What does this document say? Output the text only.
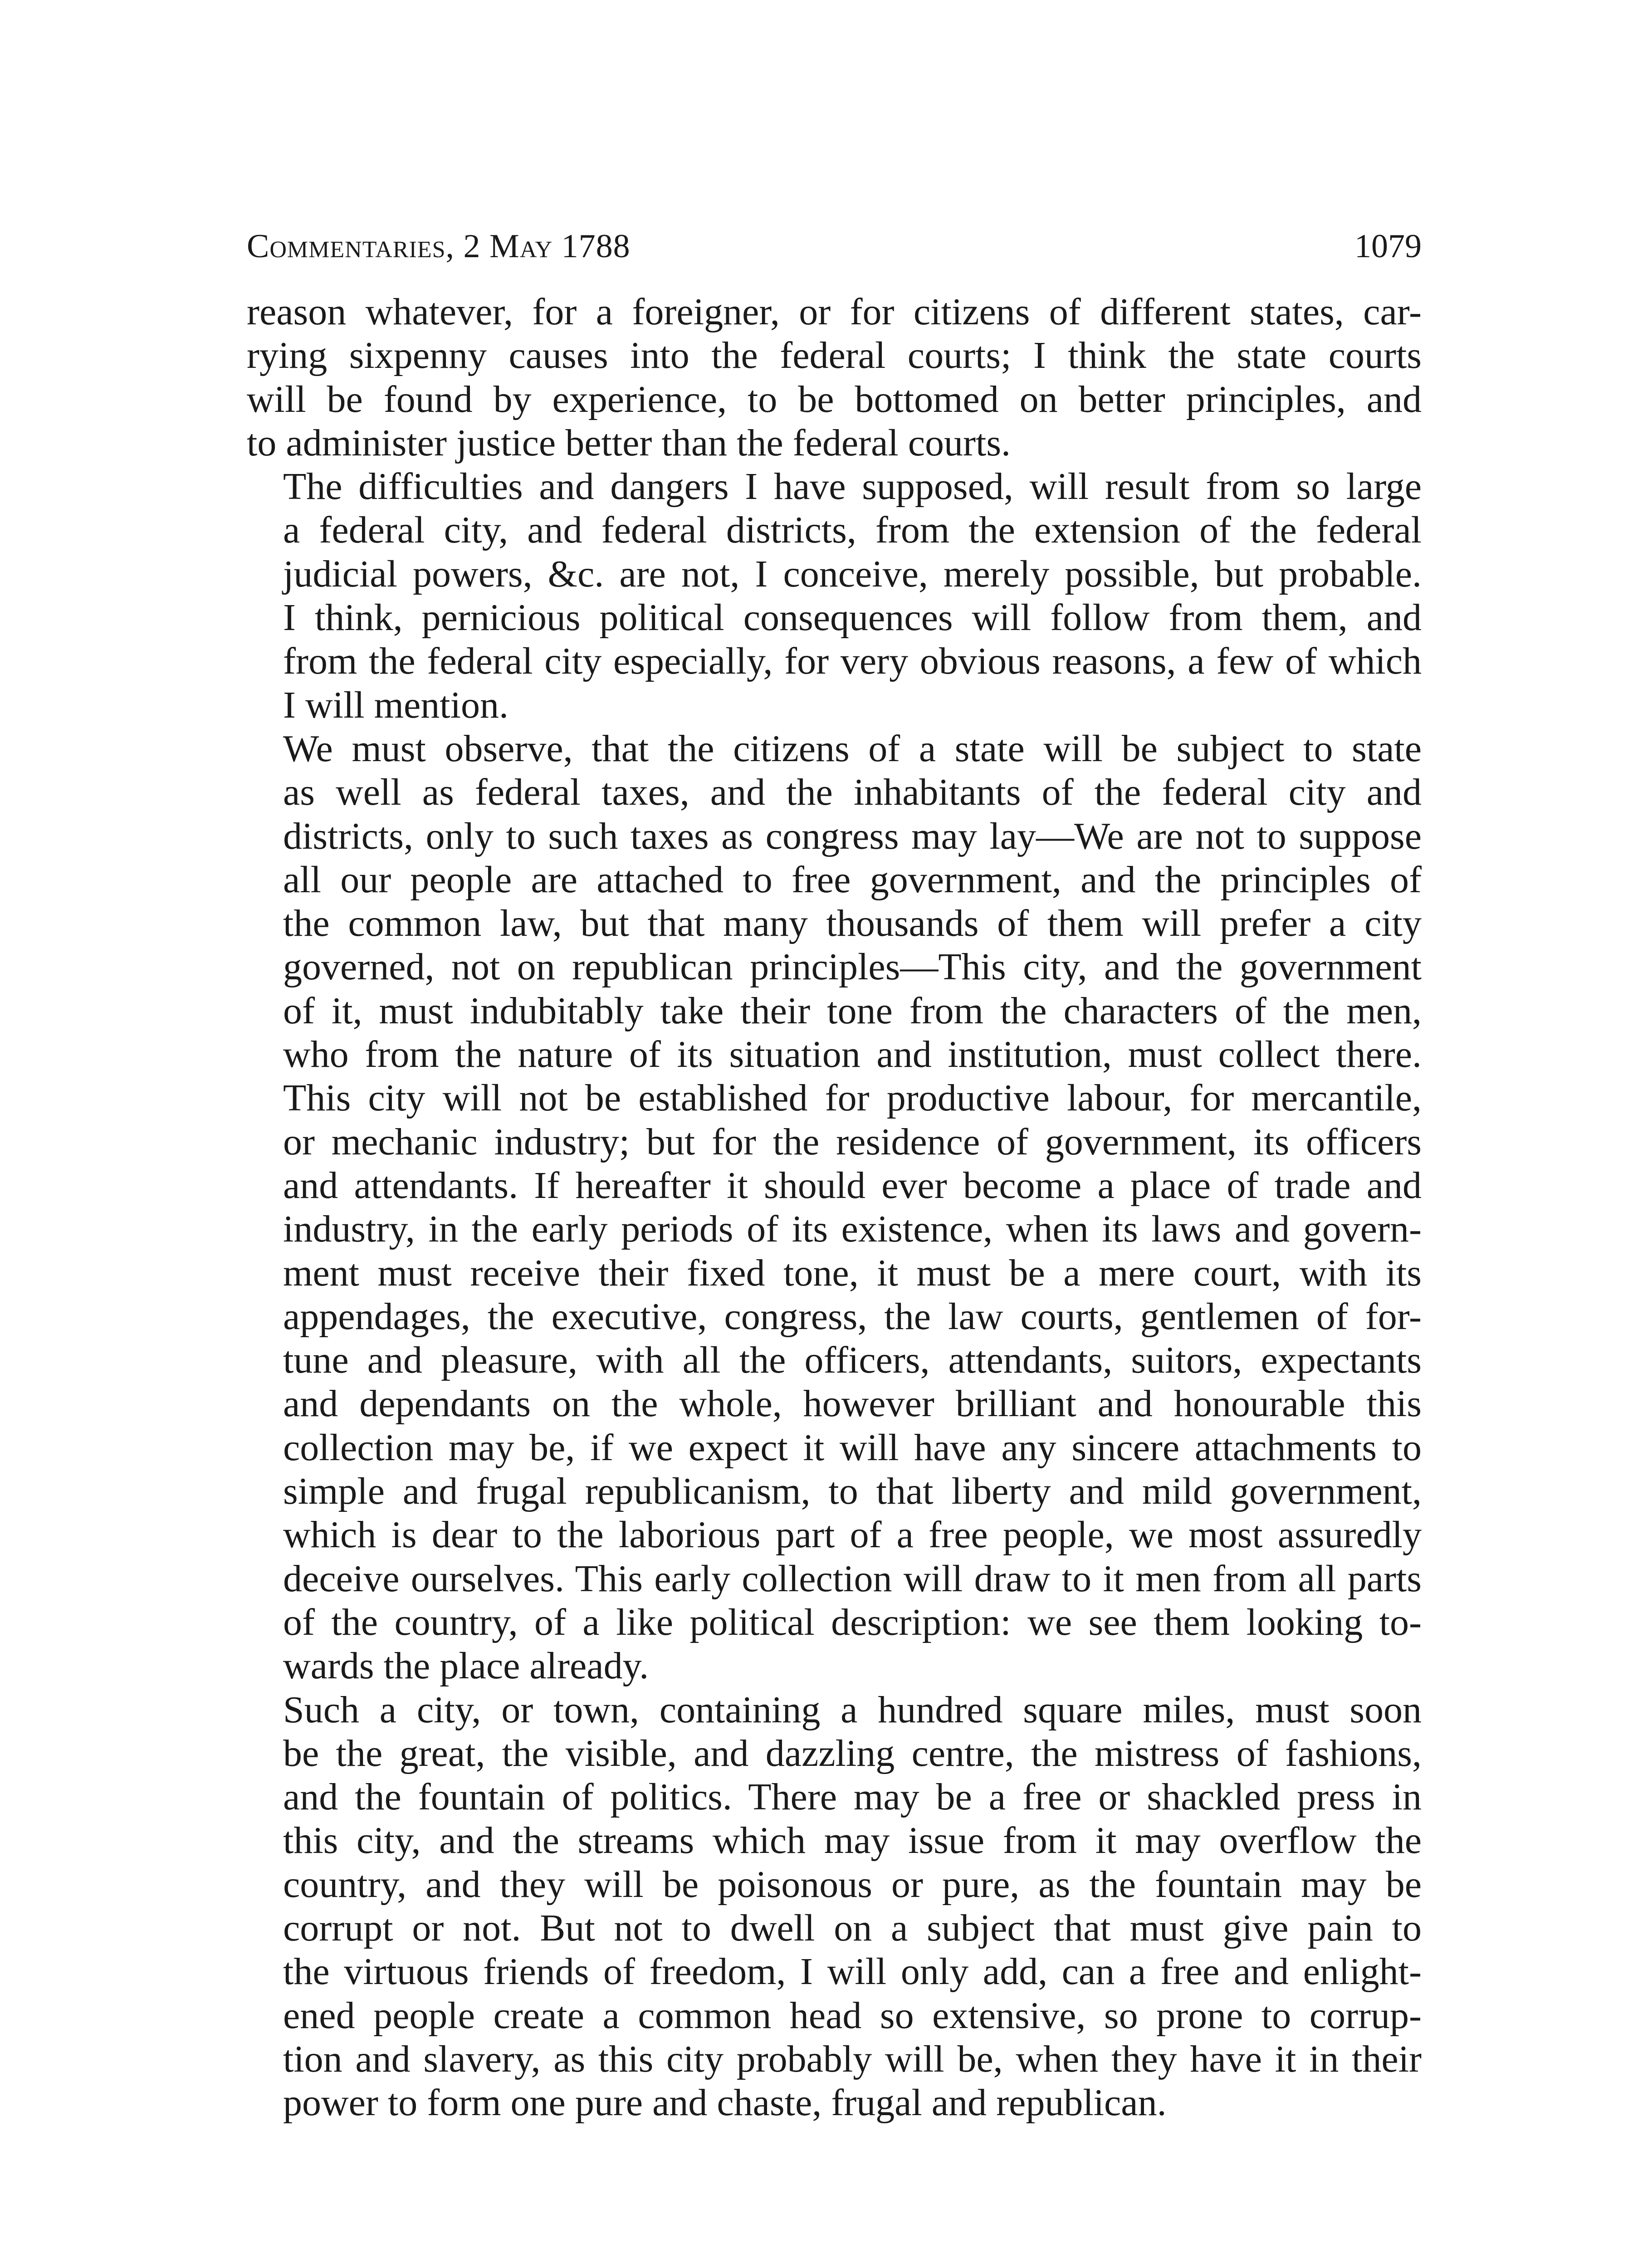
Commentaries, 2 May 1788	1079
reason whatever, for a foreigner, or for citizens of different states, car-
rying sixpenny causes into the federal courts; I think the state courts
will be found by experience, to be bottomed on better principles, and
to administer justice better than the federal courts.
The difficulties and dangers I have supposed, will result from so large
a federal city, and federal districts, from the extension of the federal
judicial powers, &c. are not, I conceive, merely possible, but probable.
I think, pernicious political consequences will follow from them, and
from the federal city especially, for very obvious reasons, a few of which
I will mention.
We must observe, that the citizens of a state will be subject to state
as well as federal taxes, and the inhabitants of the federal city and
districts, only to such taxes as congress may lay—We are not to suppose
all our people are attached to free government, and the principles of
the common law, but that many thousands of them will prefer a city
governed, not on republican principles—This city, and the government
of it, must indubitably take their tone from the characters of the men,
who from the nature of its situation and institution, must collect there.
This city will not be established for productive labour, for mercantile,
or mechanic industry; but for the residence of government, its officers
and attendants. If hereafter it should ever become a place of trade and
industry, in the early periods of its existence, when its laws and govern-
ment must receive their fixed tone, it must be a mere court, with its
appendages, the executive, congress, the law courts, gentlemen of for-
tune and pleasure, with all the officers, attendants, suitors, expectants
and dependants on the whole, however brilliant and honourable this
collection may be, if we expect it will have any sincere attachments to
simple and frugal republicanism, to that liberty and mild government,
which is dear to the laborious part of a free people, we most assuredly
deceive ourselves. This early collection will draw to it men from all parts
of the country, of a like political description: we see them looking to-
wards the place already.
Such a city, or town, containing a hundred square miles, must soon
be the great, the visible, and dazzling centre, the mistress of fashions,
and the fountain of politics. There may be a free or shackled press in
this city, and the streams which may issue from it may overflow the
country, and they will be poisonous or pure, as the fountain may be
corrupt or not. But not to dwell on a subject that must give pain to
the virtuous friends of freedom, I will only add, can a free and enlight-
ened people create a common head so extensive, so prone to corrup-
tion and slavery, as this city probably will be, when they have it in their
power to form one pure and chaste, frugal and republican.
